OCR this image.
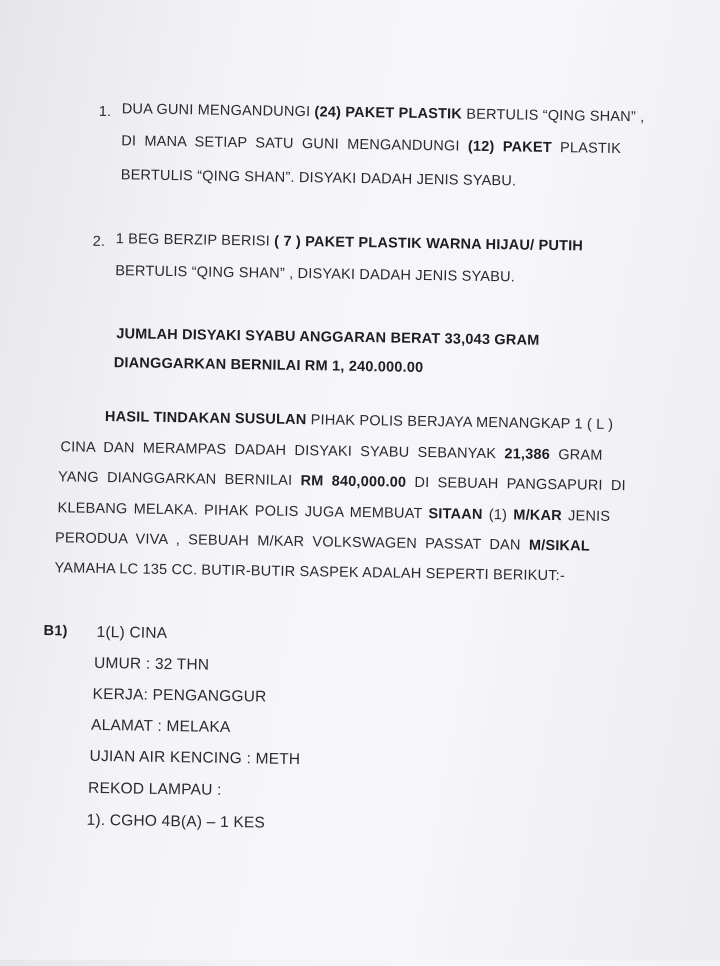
1. DUA GUNI MENGANDUNGI (24) PAKET PLASTIK BERTULIS “QING SHAN” ,
DI MANA SETIAP SATU GUNI MENGANDUNGI (12) PAKET PLASTIK
BERTULIS “QING SHAN”. DISYAKI DADAH JENIS SYABU.
2. 1 BEG BERZIP BERISI ( 7 ) PAKET PLASTIK WARNA HIJAU/ PUTIH
BERTULIS “QING SHAN” , DISYAKI DADAH JENIS SYABU.
JUMLAH DISYAKI SYABU ANGGARAN BERAT 33,043 GRAM
DIANGGARKAN BERNILAI RM 1, 240.000.00
HASIL TINDAKAN SUSULAN PIHAK POLIS BERJAYA MENANGKAP 1 ( L )
CINA DAN MERAMPAS DADAH DISYAKI SYABU SEBANYAK 21,386 GRAM
YANG DIANGGARKAN BERNILAI RM 840,000.00 DI SEBUAH PANGSAPURI DI
KLEBANG MELAKA. PIHAK POLIS JUGA MEMBUAT SITAAN (1) M/KAR JENIS
PERODUA VIVA , SEBUAH M/KAR VOLKSWAGEN PASSAT DAN M/SIKAL
YAMAHA LC 135 CC. BUTIR-BUTIR SASPEK ADALAH SEPERTI BERIKUT:-
B1) 1(L) CINA
UMUR : 32 THN
KERJA: PENGANGGUR
ALAMAT : MELAKA
UJIAN AIR KENCING : METH
REKOD LAMPAU :
1). CGHO 4B(A) – 1 KES
